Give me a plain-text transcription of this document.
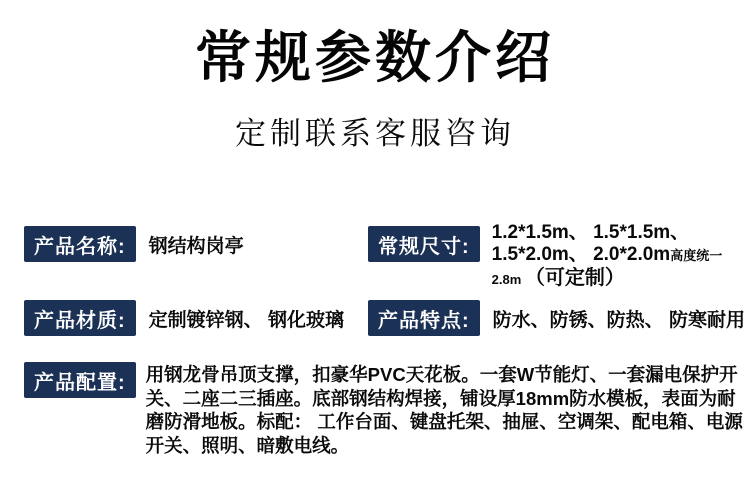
常规参数介绍
定制联系客服咨询
产品名称:	钢结构岗亭	常规尺寸:
1.2*1.5m、 1.5*1.5m、
1.5*2.0m、 2.0*2.0m高度统一
2.8m （可定制）
产品材质:	定制镀锌钢、 钢化玻璃	产品特点:	防水、防锈、防热、 防寒耐用
产品配置:	用钢龙骨吊顶支撑，扣豪华PVC天花板。一套W节能灯、一套漏电保护开关、二座二三插座。底部钢结构焊接，铺设厚18mm防水模板，表面为耐磨防滑地板。标配： 工作台面、键盘托架、抽屉、空调架、配电箱、电源开关、照明、暗敷电线。
